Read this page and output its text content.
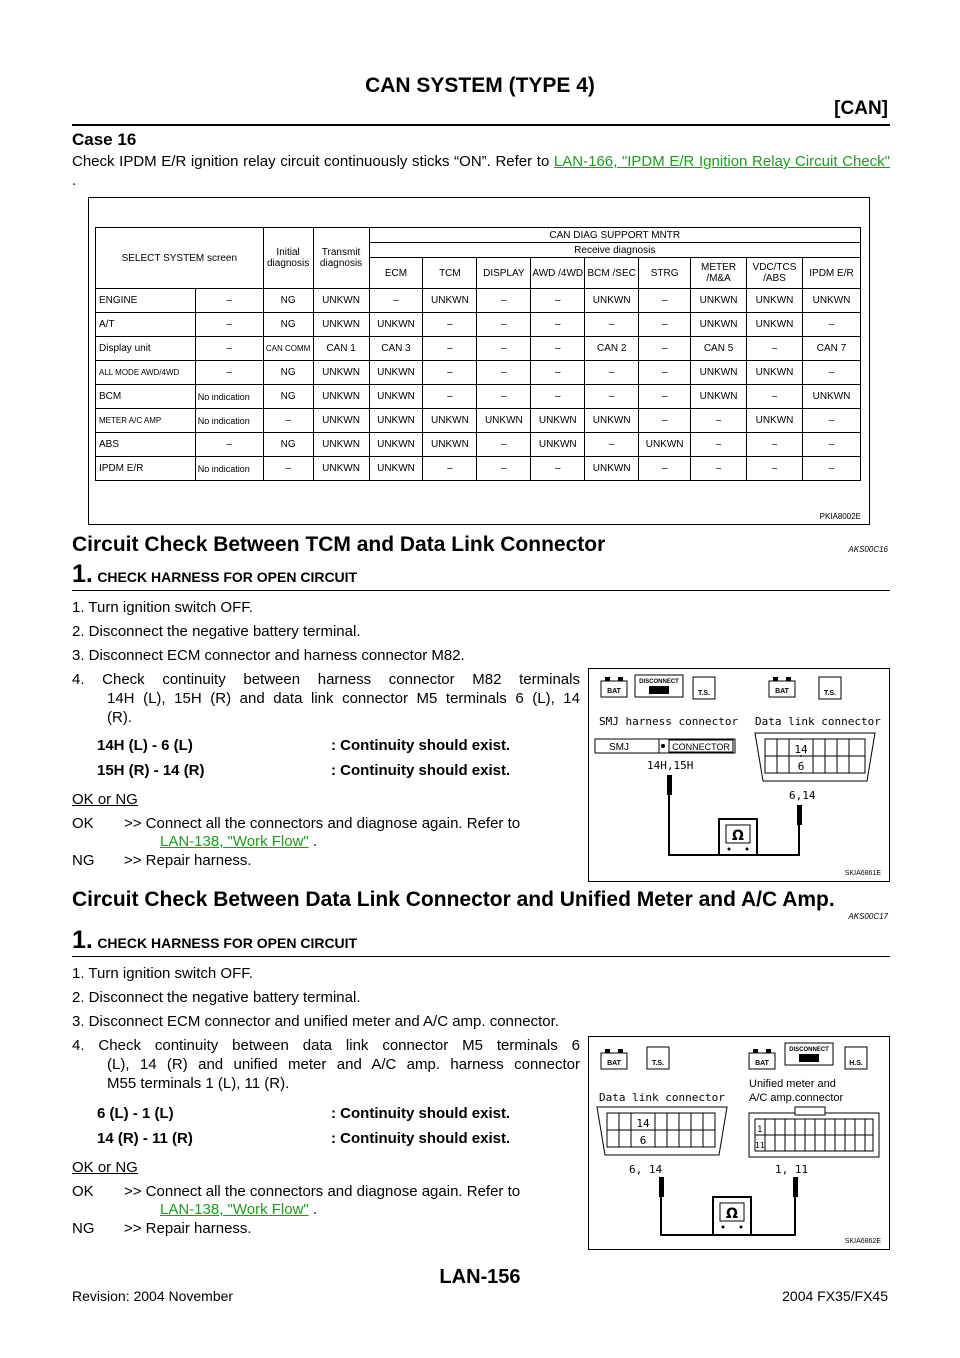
CAN SYSTEM (TYPE 4)
[CAN]
Case 16
Check IPDM E/R ignition relay circuit continuously sticks “ON”. Refer to LAN-166, "IPDM E/R Ignition Relay Circuit Check" .
SELECT SYSTEM screen		Initial diagnosis	Transmit diagnosis	CAN DIAG SUPPORT MNTR								
				Receive diagnosis								
				ECM	TCM	DISPLAY	AWD /4WD	BCM /SEC	STRG	METER /M&A	VDC/TCS /ABS	IPDM E/R
ENGINE	–	NG	UNKWN	–	UNKWN	–	–	UNKWN	–	UNKWN	UNKWN	UNKWN
A/T	–	NG	UNKWN	UNKWN	–	–	–	–	–	UNKWN	UNKWN	–
Display unit	–	CAN COMM	CAN 1	CAN 3	–	–	–	CAN 2	–	CAN 5	–	CAN 7
ALL MODE AWD/4WD	–	NG	UNKWN	UNKWN	–	–	–	–	–	UNKWN	UNKWN	–
BCM	No indication	NG	UNKWN	UNKWN	–	–	–	–	–	UNKWN	–	UNKWN
METER A/C AMP	No indication	–	UNKWN	UNKWN	UNKWN	UNKWN	UNKWN	UNKWN	–	–	UNKWN	–
ABS	–	NG	UNKWN	UNKWN	UNKWN	–	UNKWN	–	UNKWN	–	–	–
IPDM E/R	No indication	–	UNKWN	UNKWN	–	–	–	UNKWN	–	–	–	–
PKIA8002E
Circuit Check Between TCM and Data Link Connector	AKS00C16
1. CHECK HARNESS FOR OPEN CIRCUIT
1. Turn ignition switch OFF.
2. Disconnect the negative battery terminal.
3. Disconnect ECM connector and harness connector M82.
4. Check continuity between harness connector M82 terminals
14H (L), 15H (R) and data link connector M5 terminals 6 (L), 14
(R).
14H (L) - 6 (L)	: Continuity should exist.
15H (R) - 14 (R)	: Continuity should exist.
OK or NG
OK >> Connect all the connectors and diagnose again. Refer to
LAN-138, "Work Flow" .
NG >> Repair harness.
BAT
DISCONNECT
T.S.	BAT	T.S.
SMJ harness connector Data link connector
SMJ	CONNECTOR
14H,15H
14
6
6,14
Ω
SKIA6861E
Circuit Check Between Data Link Connector and Unified Meter and A/C Amp.
AKS00C17
1. CHECK HARNESS FOR OPEN CIRCUIT
1. Turn ignition switch OFF.
2. Disconnect the negative battery terminal.
3. Disconnect ECM connector and unified meter and A/C amp. connector.
4. Check continuity between data link connector M5 terminals 6
(L), 14 (R) and unified meter and A/C amp. harness connector
M55 terminals 1 (L), 11 (R).
6 (L) - 1 (L)	: Continuity should exist.
14 (R) - 11 (R)	: Continuity should exist.
OK or NG
OK >> Connect all the connectors and diagnose again. Refer to
LAN-138, "Work Flow" .
NG >> Repair harness.
BAT	T.S.	BAT
DISCONNECT
H.S.
Data link connector
Unified meter and
A/C amp.connector
14
6
6, 14
1
11
1, 11
Ω
SKIA6862E
LAN-156
Revision: 2004 November	2004 FX35/FX45
